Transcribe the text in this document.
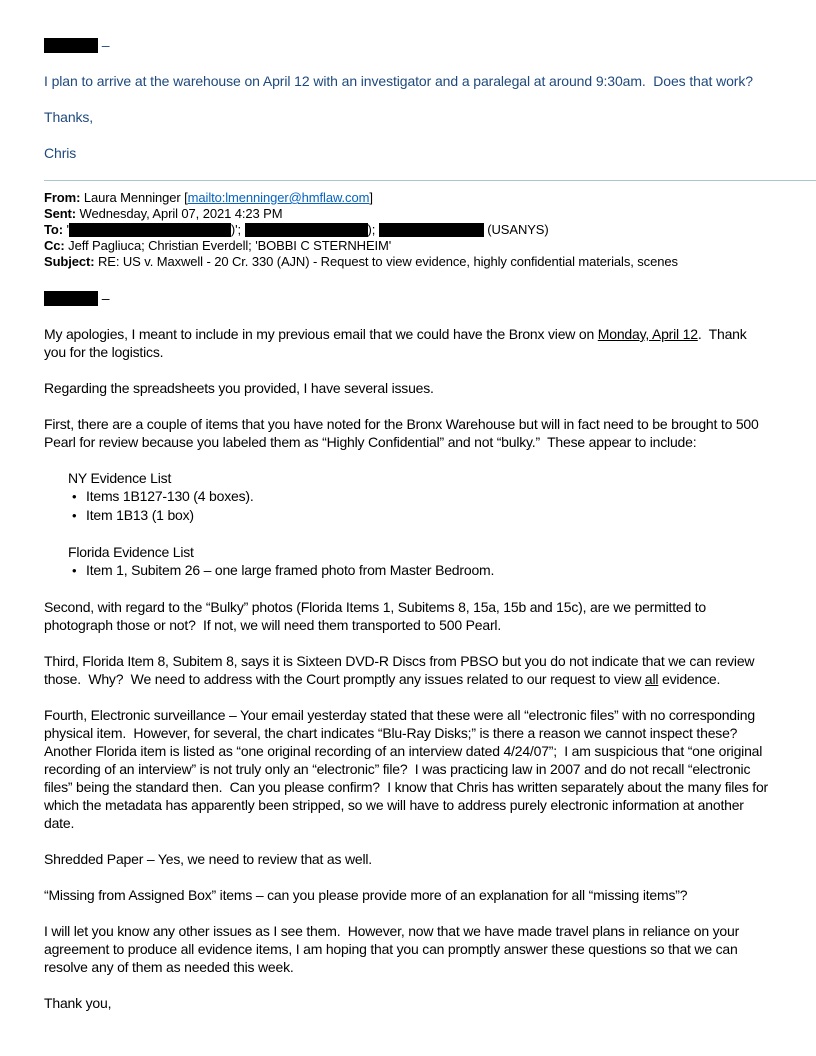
–

I plan to arrive at the warehouse on April 12 with an investigator and a paralegal at around 9:30am.  Does that work?

Thanks,

Chris

From: Laura Menninger [mailto:lmenninger@hmflaw.com]
Sent: Wednesday, April 07, 2021 4:23 PM
To: '	)';	);	(USANYS)
Cc: Jeff Pagliuca; Christian Everdell; 'BOBBI C STERNHEIM'
Subject: RE: US v. Maxwell - 20 Cr. 330 (AJN) - Request to view evidence, highly confidential materials, scenes

–

My apologies, I meant to include in my previous email that we could have the Bronx view on Monday, April 12.  Thank you for the logistics.

Regarding the spreadsheets you provided, I have several issues.

First, there are a couple of items that you have noted for the Bronx Warehouse but will in fact need to be brought to 500 Pearl for review because you labeled them as “Highly Confidential” and not “bulky.”  These appear to include:

NY Evidence List
• Items 1B127-130 (4 boxes).
• Item 1B13 (1 box)
Florida Evidence List
• Item 1, Subitem 26 – one large framed photo from Master Bedroom.

Second, with regard to the “Bulky” photos (Florida Items 1, Subitems 8, 15a, 15b and 15c), are we permitted to photograph those or not?  If not, we will need them transported to 500 Pearl.

Third, Florida Item 8, Subitem 8, says it is Sixteen DVD-R Discs from PBSO but you do not indicate that we can review those.  Why?  We need to address with the Court promptly any issues related to our request to view all evidence.

Fourth, Electronic surveillance – Your email yesterday stated that these were all “electronic files” with no corresponding physical item.  However, for several, the chart indicates “Blu-Ray Disks;” is there a reason we cannot inspect these?  Another Florida item is listed as “one original recording of an interview dated 4/24/07”;  I am suspicious that “one original recording of an interview” is not truly only an “electronic” file?  I was practicing law in 2007 and do not recall “electronic files” being the standard then.  Can you please confirm?  I know that Chris has written separately about the many files for which the metadata has apparently been stripped, so we will have to address purely electronic information at another date.

Shredded Paper – Yes, we need to review that as well.

“Missing from Assigned Box” items – can you please provide more of an explanation for all “missing items”?

I will let you know any other issues as I see them.  However, now that we have made travel plans in reliance on your agreement to produce all evidence items, I am hoping that you can promptly answer these questions so that we can resolve any of them as needed this week.

Thank you,
